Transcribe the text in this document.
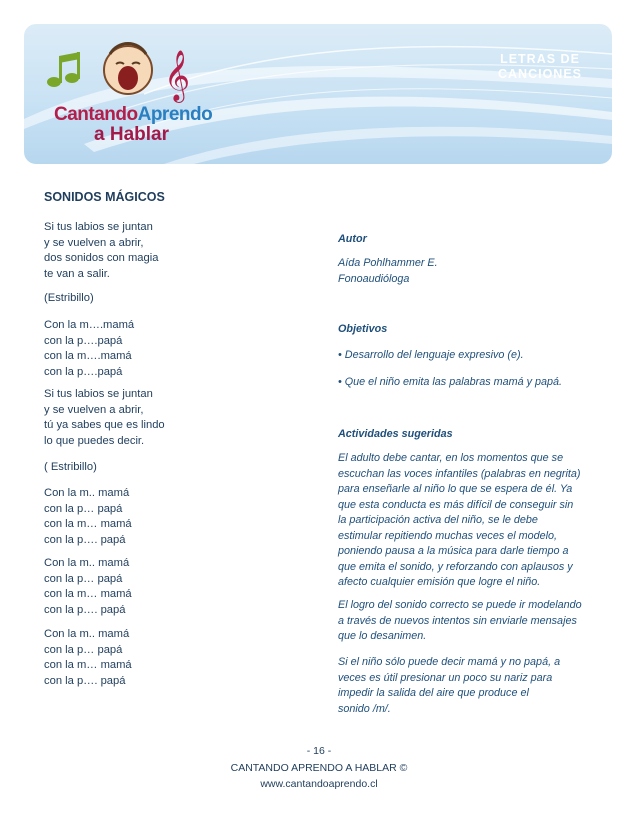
𝄞
CantandoAprendo
a Hablar
LETRAS DE
CANCIONES
SONIDOS MÁGICOS
Si tus labios se juntan
y se vuelven a abrir,
dos sonidos con magia
te van a salir.
(Estribillo)
Con la m….mamá
con la p….papá
con la m….mamá
con la p….papá
Si tus labios se juntan
y se vuelven a abrir,
tú ya sabes que es lindo
lo que puedes decir.
( Estribillo)
Con la m.. mamá
con la p… papá
con la m… mamá
con la p…. papá
Con la m.. mamá
con la p… papá
con la m… mamá
con la p…. papá
Con la m.. mamá
con la p… papá
con la m… mamá
con la p…. papá
Autor
Aída Pohlhammer E.
Fonoaudióloga
Objetivos
• Desarrollo del lenguaje expresivo (e).
• Que el niño emita las palabras mamá y papá.
Actividades sugeridas
El adulto debe cantar, en los momentos que se
escuchan las voces infantiles (palabras en negrita)
para enseñarle al niño lo que se espera de él. Ya
que esta conducta es más difícil de conseguir sin
la participación activa del niño, se le debe
estimular repitiendo muchas veces el modelo,
poniendo pausa a la música para darle tiempo a
que emita el sonido, y reforzando con aplausos y
afecto cualquier emisión que logre el niño.
El logro del sonido correcto se puede ir modelando
a través de nuevos intentos sin enviarle mensajes
que lo desanimen.
Si el niño sólo puede decir mamá y no papá, a
veces es útil presionar un poco su nariz para
impedir la salida del aire que produce el
sonido /m/.
- 16 -
CANTANDO APRENDO A HABLAR ©
www.cantandoaprendo.cl
